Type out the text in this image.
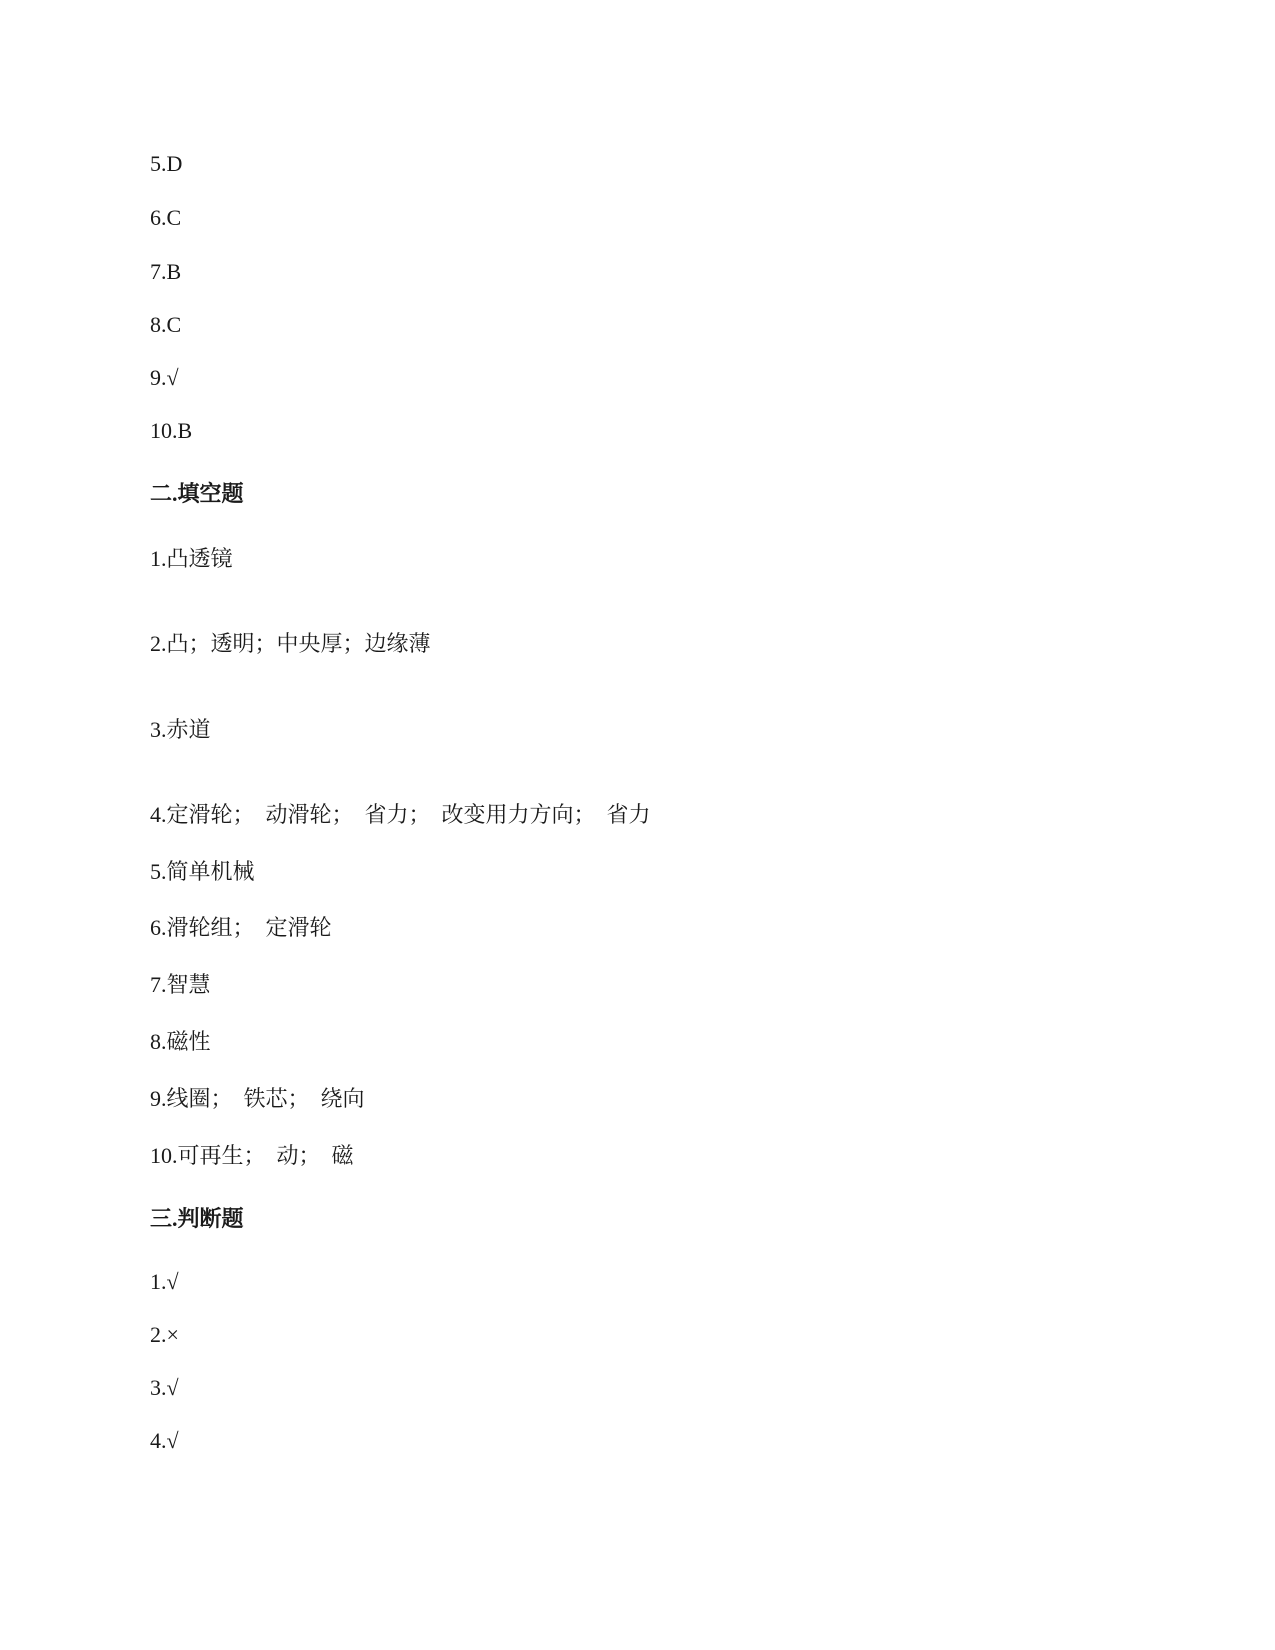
5.D
6.C
7.B
8.C
9.√
10.B
二.填空题
1.凸透镜
2.凸；透明；中央厚；边缘薄
3.赤道
4.定滑轮；  动滑轮；  省力；  改变用力方向；  省力
5.简单机械
6.滑轮组；  定滑轮
7.智慧
8.磁性
9.线圈；  铁芯；  绕向
10.可再生；  动；  磁
三.判断题
1.√
2.×
3.√
4.√
